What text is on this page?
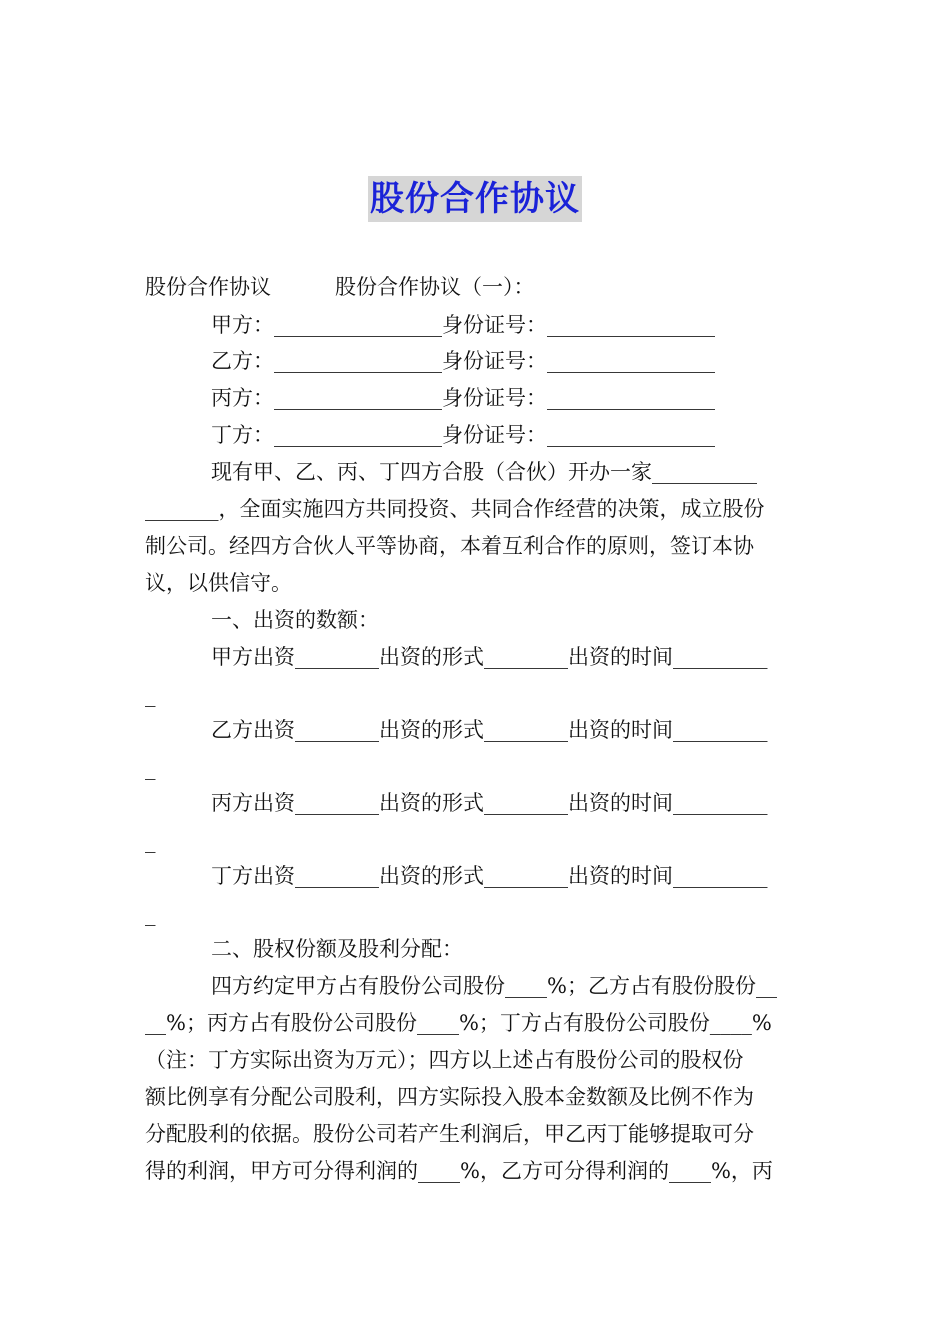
股份合作协议
股份合作协议	股份合作协议（一）：
甲方：________________身份证号：________________
乙方：________________身份证号：________________
丙方：________________身份证号：________________
丁方：________________身份证号：________________
现有甲、乙、丙、丁四方合股（合伙）开办一家__________
_______，全面实施四方共同投资、共同合作经营的决策，成立股份
制公司。经四方合伙人平等协商，本着互利合作的原则，签订本协
议，以供信守。
一、出资的数额：
甲方出资________出资的形式________出资的时间_________
_
乙方出资________出资的形式________出资的时间_________
_
丙方出资________出资的形式________出资的时间_________
_
丁方出资________出资的形式________出资的时间_________
_
二、股权份额及股利分配：
四方约定甲方占有股份公司股份____%；乙方占有股份股份__
__%；丙方占有股份公司股份____%；丁方占有股份公司股份____%
（注：丁方实际出资为万元）；四方以上述占有股份公司的股权份
额比例享有分配公司股利，四方实际投入股本金数额及比例不作为
分配股利的依据。股份公司若产生利润后，甲乙丙丁能够提取可分
得的利润，甲方可分得利润的____%，乙方可分得利润的____%，丙
